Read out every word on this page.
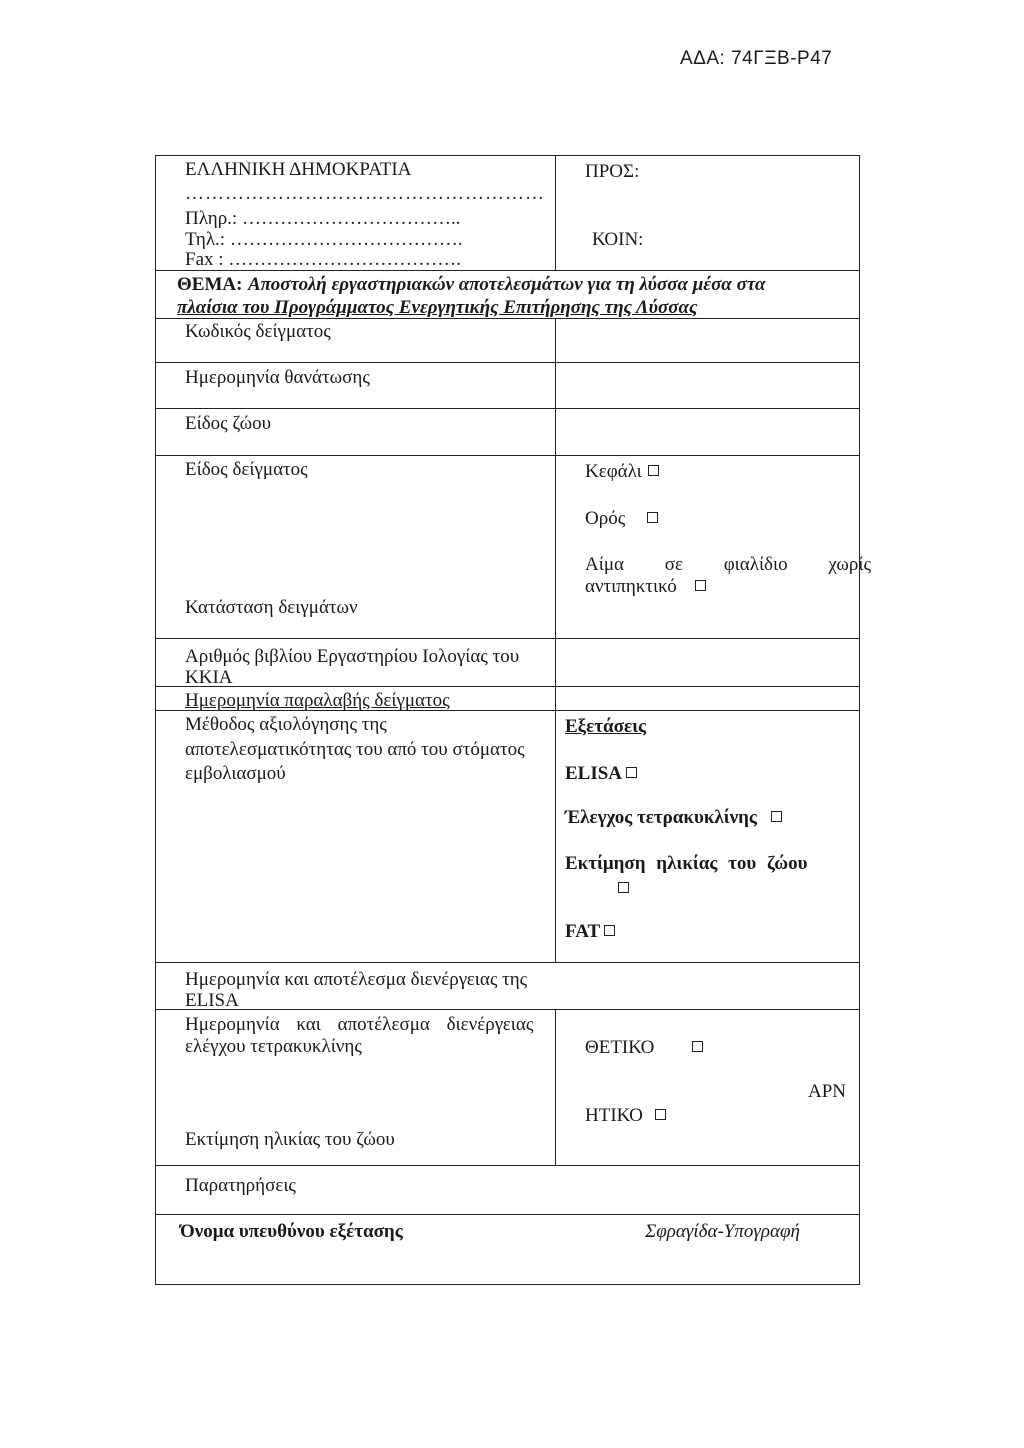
ΑΔΑ: 74ΓΞΒ-Ρ47
ΕΛΛΗΝΙΚΗ ΔΗΜΟΚΡΑΤΙΑ
………………………………………………
Πληρ.: ……………………………..
Τηλ.: ……………………………….
Fax : ……………………………….
ΠΡΟΣ:
ΚΟΙΝ:
ΘΕΜΑ: Αποστολή εργαστηριακών αποτελεσμάτων για τη λύσσα μέσα στα
πλαίσια του Προγράμματος Ενεργητικής Επιτήρησης της Λύσσας
Κωδικός δείγματος
Ημερομηνία θανάτωσης
Είδος ζώου
Είδος δείγματος
Κατάσταση δειγμάτων
Κεφάλι
Ορός
Αίμα σε φιαλίδιο χωρίς
αντιπηκτικό
Αριθμός βιβλίου Εργαστηρίου Ιολογίας του
ΚΚΙΑ
Ημερομηνία παραλαβής δείγματος
Μέθοδος αξιολόγησης της
αποτελεσματικότητας του από του στόματος
εμβολιασμού
Εξετάσεις
ELISA
Έλεγχος τετρακυκλίνης
Εκτίμηση ηλικίας του ζώου
FAT
Ημερομηνία και αποτέλεσμα διενέργειας της
ELISA
Ημερομηνία και αποτέλεσμα διενέργειας
ελέγχου τετρακυκλίνης	ΘΕΤΙΚΟ
ΑΡΝ
ΗΤΙΚΟ
Εκτίμηση ηλικίας του ζώου
Παρατηρήσεις
Όνομα υπευθύνου εξέτασης	Σφραγίδα-Υπογραφή
